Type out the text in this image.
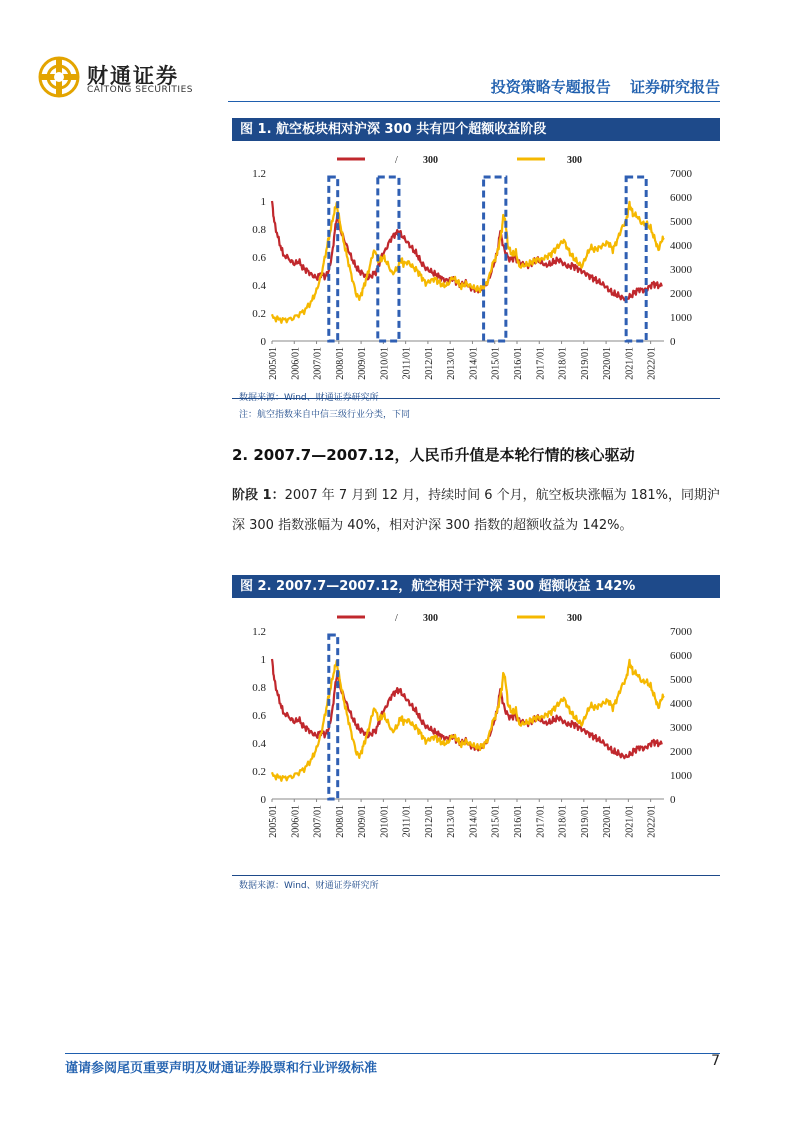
财通证券
CAITONG SECURITIES	投资策略专题报告 证券研究报告
图 1. 航空板块相对沪深 300 共有四个超额收益阶段
/	300	300
0
0.2
0.4
0.6
0.8
1
1.2
0
1000
2000
3000
4000
5000
6000
7000
2005/01 2006/01 2007/01 2008/01 2009/01 2010/01 2011/01 2012/01 2013/01 2014/01 2015/01 2016/01 2017/01 2018/01 2019/01 2020/01 2021/01 2022/01
数据来源：Wind、财通证券研究所
注：航空指数来自中信三级行业分类，下同
2. 2007.7—2007.12，人民币升值是本轮行情的核心驱动
阶段 1：2007 年 7 月到 12 月，持续时间 6 个月，航空板块涨幅为 181%，同期沪深 300 指数涨幅为 40%，相对沪深 300 指数的超额收益为 142%。
图 2. 2007.7—2007.12，航空相对于沪深 300 超额收益 142%
/	300	300
0
0.2
0.4
0.6
0.8
1
1.2
0
1000
2000
3000
4000
5000
6000
7000
2005/01 2006/01 2007/01 2008/01 2009/01 2010/01 2011/01 2012/01 2013/01 2014/01 2015/01 2016/01 2017/01 2018/01 2019/01 2020/01 2021/01 2022/01
数据来源：Wind、财通证券研究所
谨请参阅尾页重要声明及财通证券股票和行业评级标准	7
